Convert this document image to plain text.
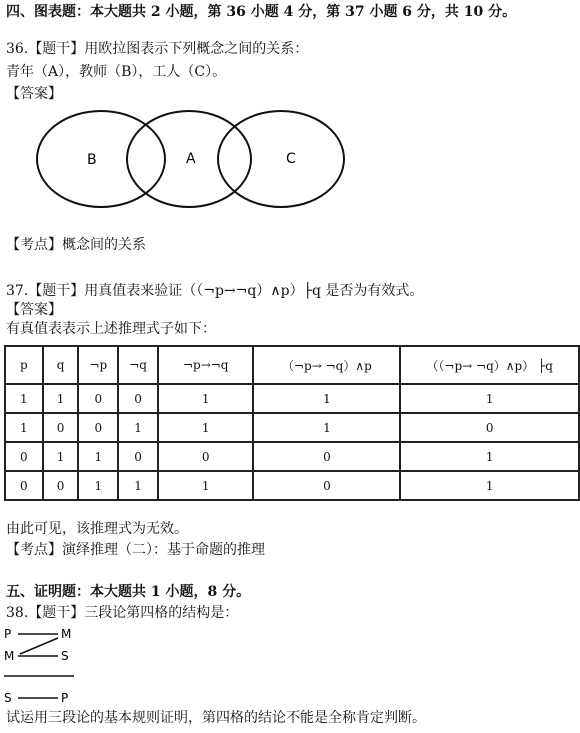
四、图表题：本大题共 2 小题，第 36 小题 4 分，第 37 小题 6 分，共 10 分。
36.【题干】用欧拉图表示下列概念之间的关系：
青年（A），教师（B），工人（C）。
【答案】
B	A	C
【考点】概念间的关系
37.【题干】用真值表来验证（（¬p→¬q）∧p）├q 是否为有效式。
【答案】
有真值表表示上述推理式子如下：
p	q	¬p	¬q	¬p→¬q	（¬p→ ¬q）∧p	（（¬p→ ¬q）∧p） ├q
1	1	0	0	1	1	1
1	0	0	1	1	1	0
0	1	1	0	0	0	1
0	0	1	1	1	0	1
由此可见，该推理式为无效。
【考点】演绎推理（二）：基于命题的推理
五、证明题：本大题共 1 小题，8 分。
38.【题干】三段论第四格的结构是：
P	M
M	S
S	P
试运用三段论的基本规则证明，第四格的结论不能是全称肯定判断。
